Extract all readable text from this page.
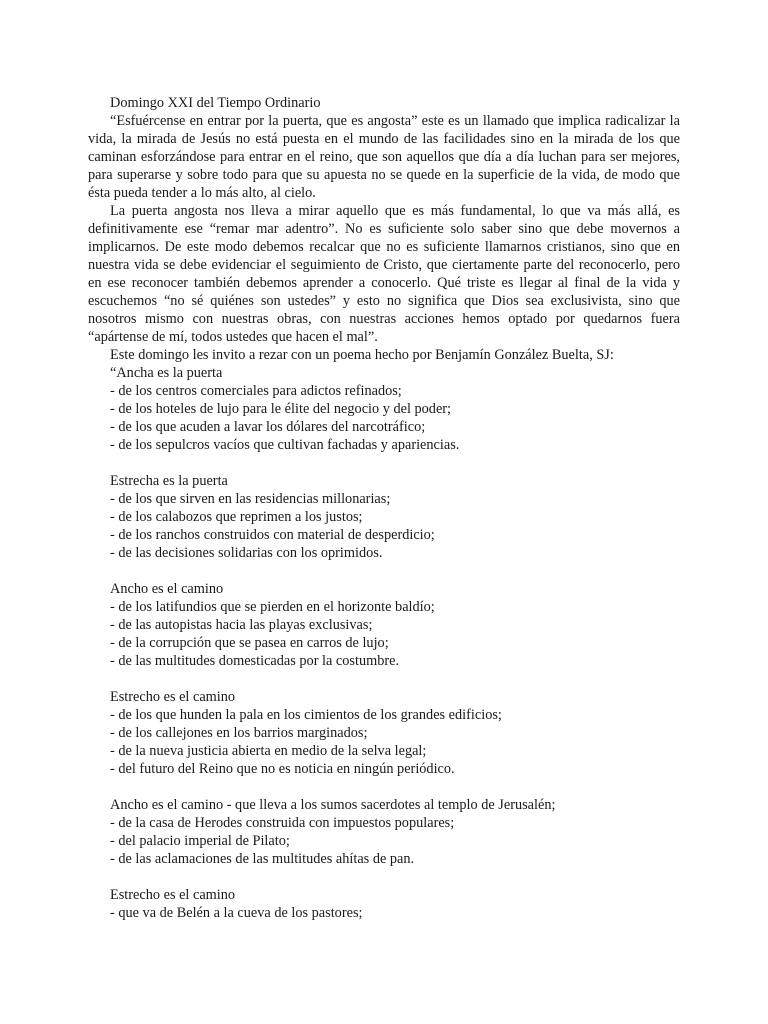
Domingo XXI del Tiempo Ordinario

“Esfuércense en entrar por la puerta, que es angosta” este es un llamado que implica radicalizar la vida, la mirada de Jesús no está puesta en el mundo de las facilidades sino en la mirada de los que caminan esforzándose para entrar en el reino, que son aquellos que día a día luchan para ser mejores, para superarse y sobre todo para que su apuesta no se quede en la superficie de la vida, de modo que ésta pueda tender a lo más alto, al cielo.

La puerta angosta nos lleva a mirar aquello que es más fundamental, lo que va más allá, es definitivamente ese “remar mar adentro”. No es suficiente solo saber sino que debe movernos a implicarnos. De este modo debemos recalcar que no es suficiente llamarnos cristianos, sino que en nuestra vida se debe evidenciar el seguimiento de Cristo, que ciertamente parte del reconocerlo, pero en ese reconocer también debemos aprender a conocerlo. Qué triste es llegar al final de la vida y escuchemos “no sé quiénes son ustedes” y esto no significa que Dios sea exclusivista, sino que nosotros mismo con nuestras obras, con nuestras acciones hemos optado por quedarnos fuera “apártense de mí, todos ustedes que hacen el mal”.

Este domingo les invito a rezar con un poema hecho por Benjamín González Buelta, SJ:
“Ancha es la puerta
- de los centros comerciales para adictos refinados;
- de los hoteles de lujo para le élite del negocio y del poder;
- de los que acuden a lavar los dólares del narcotráfico;
- de los sepulcros vacíos que cultivan fachadas y apariencias.
Estrecha es la puerta
- de los que sirven en las residencias millonarias;
- de los calabozos que reprimen a los justos;
- de los ranchos construidos con material de desperdicio;
- de las decisiones solidarias con los oprimidos.
Ancho es el camino
- de los latifundios que se pierden en el horizonte baldío;
- de las autopistas hacia las playas exclusivas;
- de la corrupción que se pasea en carros de lujo;
- de las multitudes domesticadas por la costumbre.
Estrecho es el camino
- de los que hunden la pala en los cimientos de los grandes edificios;
- de los callejones en los barrios marginados;
- de la nueva justicia abierta en medio de la selva legal;
- del futuro del Reino que no es noticia en ningún periódico.
Ancho es el camino - que lleva a los sumos sacerdotes al templo de Jerusalén;
- de la casa de Herodes construida con impuestos populares;
- del palacio imperial de Pilato;
- de las aclamaciones de las multitudes ahítas de pan.
Estrecho es el camino
- que va de Belén a la cueva de los pastores;
